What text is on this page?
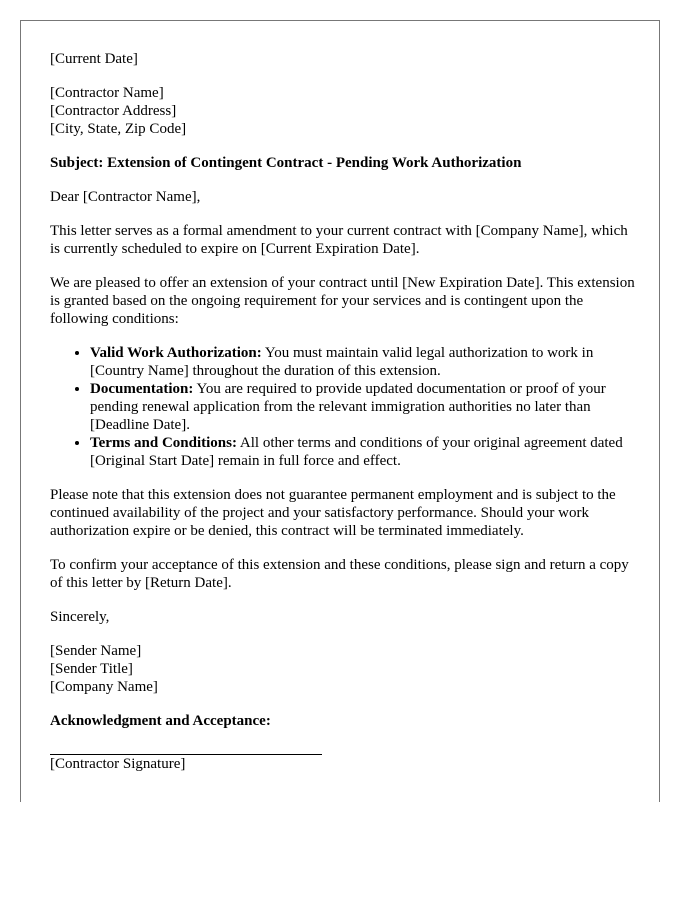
[Current Date]

[Contractor Name]
[Contractor Address]
[City, State, Zip Code]

Subject: Extension of Contingent Contract - Pending Work Authorization

Dear [Contractor Name],

This letter serves as a formal amendment to your current contract with [Company Name], which is currently scheduled to expire on [Current Expiration Date].

We are pleased to offer an extension of your contract until [New Expiration Date]. This extension is granted based on the ongoing requirement for your services and is contingent upon the following conditions:

• Valid Work Authorization: You must maintain valid legal authorization to work in [Country Name] throughout the duration of this extension.
• Documentation: You are required to provide updated documentation or proof of your pending renewal application from the relevant immigration authorities no later than [Deadline Date].
• Terms and Conditions: All other terms and conditions of your original agreement dated [Original Start Date] remain in full force and effect.

Please note that this extension does not guarantee permanent employment and is subject to the continued availability of the project and your satisfactory performance. Should your work authorization expire or be denied, this contract will be terminated immediately.

To confirm your acceptance of this extension and these conditions, please sign and return a copy of this letter by [Return Date].

Sincerely,

[Sender Name]
[Sender Title]
[Company Name]

Acknowledgment and Acceptance:

[Contractor Signature]
